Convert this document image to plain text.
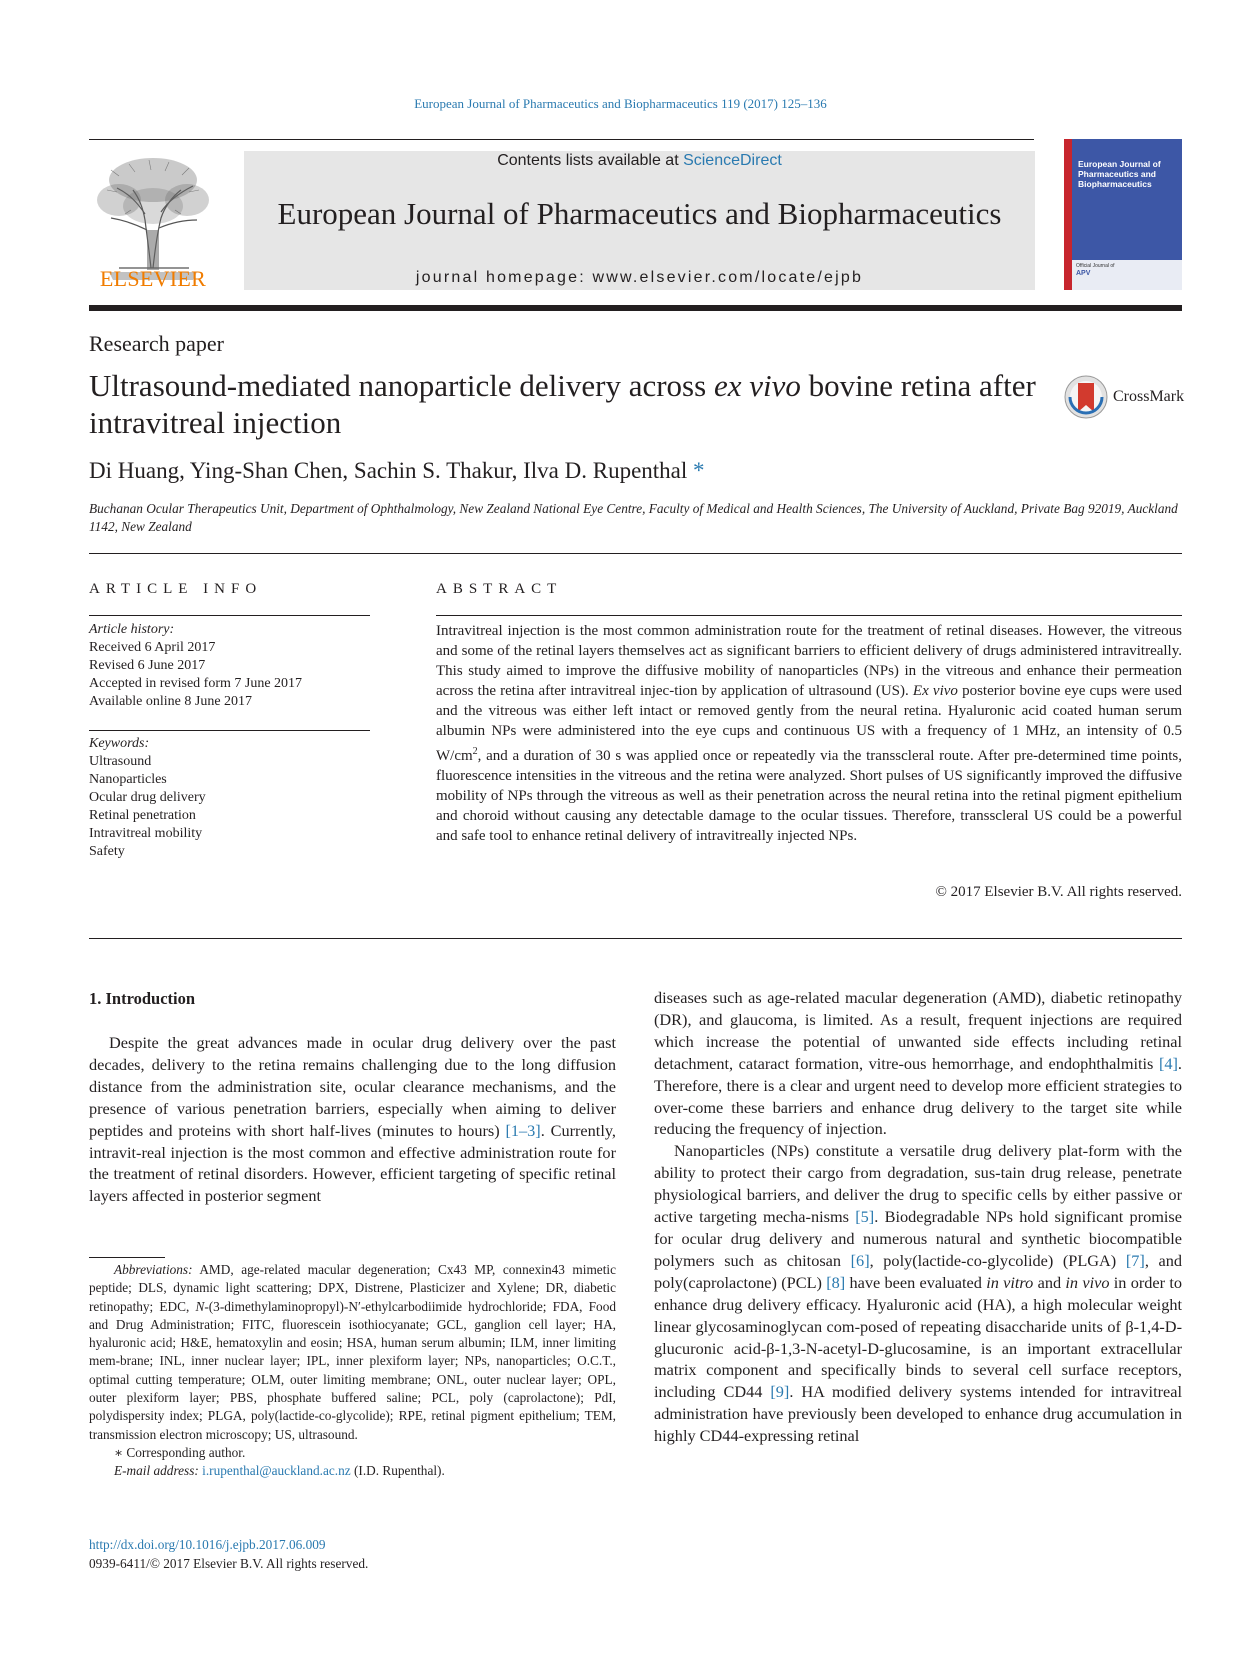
European Journal of Pharmaceutics and Biopharmaceutics 119 (2017) 125–136
ELSEVIER
Contents lists available at ScienceDirect
European Journal of Pharmaceutics and Biopharmaceutics
journal homepage: www.elsevier.com/locate/ejpb
European Journal of Pharmaceutics and Biopharmaceutics
Official Journal of
APV
Research paper
Ultrasound-mediated nanoparticle delivery across ex vivo bovine retina after intravitreal injection
CrossMark
Di Huang, Ying-Shan Chen, Sachin S. Thakur, Ilva D. Rupenthal *
Buchanan Ocular Therapeutics Unit, Department of Ophthalmology, New Zealand National Eye Centre, Faculty of Medical and Health Sciences, The University of Auckland, Private Bag 92019, Auckland 1142, New Zealand
ARTICLE INFO	ABSTRACT
Article history:
Received 6 April 2017
Revised 6 June 2017
Accepted in revised form 7 June 2017
Available online 8 June 2017
Keywords:
Ultrasound
Nanoparticles
Ocular drug delivery
Retinal penetration
Intravitreal mobility
Safety
Intravitreal injection is the most common administration route for the treatment of retinal diseases. However, the vitreous and some of the retinal layers themselves act as significant barriers to efficient delivery of drugs administered intravitreally. This study aimed to improve the diffusive mobility of nanoparticles (NPs) in the vitreous and enhance their permeation across the retina after intravitreal injec-tion by application of ultrasound (US). Ex vivo posterior bovine eye cups were used and the vitreous was either left intact or removed gently from the neural retina. Hyaluronic acid coated human serum albumin NPs were administered into the eye cups and continuous US with a frequency of 1 MHz, an intensity of 0.5 $W/cm^2$, and a duration of 30 s was applied once or repeatedly via the transscleral route. After pre-determined time points, fluorescence intensities in the vitreous and the retina were analyzed. Short pulses of US significantly improved the diffusive mobility of NPs through the vitreous as well as their penetration across the neural retina into the retinal pigment epithelium and choroid without causing any detectable damage to the ocular tissues. Therefore, transscleral US could be a powerful and safe tool to enhance retinal delivery of intravitreally injected NPs.
© 2017 Elsevier B.V. All rights reserved.
1. Introduction

Despite the great advances made in ocular drug delivery over the past decades, delivery to the retina remains challenging due to the long diffusion distance from the administration site, ocular clearance mechanisms, and the presence of various penetration barriers, especially when aiming to deliver peptides and proteins with short half-lives (minutes to hours) [1–3]. Currently, intravit-real injection is the most common and effective administration route for the treatment of retinal disorders. However, efficient targeting of specific retinal layers affected in posterior segment

Abbreviations: AMD, age-related macular degeneration; Cx43 MP, connexin43 mimetic peptide; DLS, dynamic light scattering; DPX, Distrene, Plasticizer and Xylene; DR, diabetic retinopathy; EDC, N-(3-dimethylaminopropyl)-N′-ethylcarbodiimide hydrochloride; FDA, Food and Drug Administration; FITC, fluorescein isothiocyanate; GCL, ganglion cell layer; HA, hyaluronic acid; H&E, hematoxylin and eosin; HSA, human serum albumin; ILM, inner limiting mem-brane; INL, inner nuclear layer; IPL, inner plexiform layer; NPs, nanoparticles; O.C.T., optimal cutting temperature; OLM, outer limiting membrane; ONL, outer nuclear layer; OPL, outer plexiform layer; PBS, phosphate buffered saline; PCL, poly (caprolactone); PdI, polydispersity index; PLGA, poly(lactide-co-glycolide); RPE, retinal pigment epithelium; TEM, transmission electron microscopy; US, ultrasound.

∗ Corresponding author.

E-mail address: i.rupenthal@auckland.ac.nz (I.D. Rupenthal).

http://dx.doi.org/10.1016/j.ejpb.2017.06.009
0939-6411/© 2017 Elsevier B.V. All rights reserved.

diseases such as age-related macular degeneration (AMD), diabetic retinopathy (DR), and glaucoma, is limited. As a result, frequent injections are required which increase the potential of unwanted side effects including retinal detachment, cataract formation, vitre-ous hemorrhage, and endophthalmitis [4]. Therefore, there is a clear and urgent need to develop more efficient strategies to over-come these barriers and enhance drug delivery to the target site while reducing the frequency of injection.

Nanoparticles (NPs) constitute a versatile drug delivery plat-form with the ability to protect their cargo from degradation, sus-tain drug release, penetrate physiological barriers, and deliver the drug to specific cells by either passive or active targeting mecha-nisms [5]. Biodegradable NPs hold significant promise for ocular drug delivery and numerous natural and synthetic biocompatible polymers such as chitosan [6], poly(lactide-co-glycolide) (PLGA) [7], and poly(caprolactone) (PCL) [8] have been evaluated in vitro and in vivo in order to enhance drug delivery efficacy. Hyaluronic acid (HA), a high molecular weight linear glycosaminoglycan com-posed of repeating disaccharide units of β-1,4-D-glucuronic acid-β-1,3-N-acetyl-D-glucosamine, is an important extracellular matrix component and specifically binds to several cell surface receptors, including CD44 [9]. HA modified delivery systems intended for intravitreal administration have previously been developed to enhance drug accumulation in highly CD44-expressing retinal
